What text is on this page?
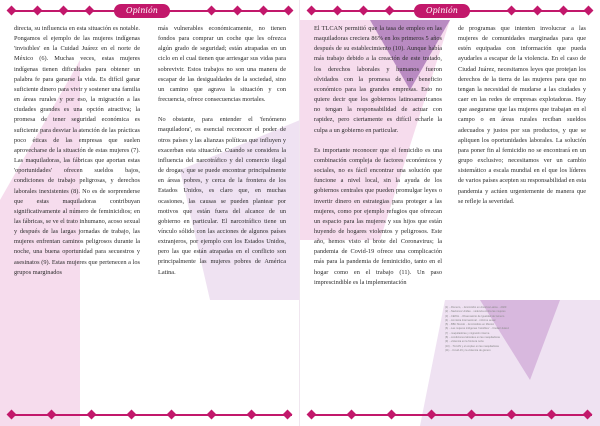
Opinión

directa, su influencia en esta situación es notable. Pongamos el ejemplo de las mujeres indígenas 'invisibles' en la Cuidad Juárez en el norte de México (6). Muchas veces, estas mujeres indígenas tienen dificultades para obtener un palabra fe para ganarse la vida. Es difícil ganar suficiente dinero para vivir y sostener una familia en áreas rurales y por eso, la migración a las ciudades grandes es una opción atractiva; la promesa de tener seguridad económica es suficiente para desviar la atención de las prácticas poco éticas de las empresas que suelen aprovecharse de la situación de estas mujeres (7). Las maquiladoras, las fábricas que aportan estas 'oportunidades' ofrecen sueldos bajos, condiciones de trabajo peligrosas, y derechos laborales inexistentes (8). No es de sorprenderse que estas maquiladoras contribuyan significativamente al número de feminicidios; en las fábricas, se ve el trato inhumano, acoso sexual y después de las largas jornadas de trabajo, las mujeres enfrentan caminos peligrosos durante la noche, una buena oportunidad para secuestros y asesinatos (9). Estas mujeres que pertenecen a los grupos marginados

más vulnerables económicamente, no tienen fondos para comprar un coche que les ofrezca algún grado de seguridad; están atrapadas en un ciclo en el cual tienen que arriesgar sus vidas para sobrevivir. Estos trabajos no son una manera de escapar de las desigualdades de la sociedad, sino un camino que agrava la situación y con frecuencia, ofrece consecuencias mortales.

No obstante, para entender el 'fenómeno maquiladora', es esencial reconocer el poder de otros países y las alianzas políticas que influyen y exacerban esta situación. Cuando se considera la influencia del narcotráfico y del comercio ilegal de drogas, que se puede encontrar principalmente en áreas pobres, y cerca de la frontera de los Estados Unidos, es claro que, en muchas ocasiones, las causas se pueden plantear por motivos que están fuera del alcance de un gobierno en particular. El narcotráfico tiene un vínculo sólido con las acciones de algunos países extranjeros, por ejemplo con los Estados Unidos, pero las que están atrapadas en el conflicto son principalmente las mujeres pobres de América Latina.

Opinión

El TLCAN permitió que la tasa de empleo en las maquiladoras creciera 86% en los primeros 5 años después de su establecimiento (10). Aunque había más trabajo debido a la creación de este tratado, los derechos laborales y humanos fueron olvidados con la promesa de un beneficio económico para las grandes empresas. Esto no quiere decir que los gobiernos latinoamericanos no tengan la responsabilidad de actuar con rapidez, pero ciertamente es difícil echarle la culpa a un gobierno en particular.

Es importante reconocer que el femicidio es una combinación compleja de factores económicos y sociales, no es fácil encontrar una solución que funcione a nivel local, sin la ayuda de los gobiernos centrales que pueden promulgar leyes o invertir dinero en estrategias para proteger a las mujeres, como por ejemplo refugios que ofrezcan un espacio para las mujeres y sus hijos que están huyendo de hogares violentos y peligrosos. Este año, hemos visto el brote del Coronavirus; la pandemia de Covid-19 ofrece una complicación más para la pandemia de feminicidio, tanto en el hogar como en el trabajo (11). Un paso imprescindible es la implementación

de programas que intenten involucrar a las mujeres de comunidades marginadas para que estén equipadas con información que pueda ayudarles a escapar de la violencia. En el caso de Ciudad Juárez, necesitamos leyes que protejan los derechos de la tierra de las mujeres para que no tengan la necesidad de mudarse a las ciudades y caer en las redes de empresas explotadoras. Hay que asegurarse que las mujeres que trabajan en el campo o en áreas rurales reciban sueldos adecuados y justos por sus productos, y que se apliquen los oportunidades laborales. La solución para poner fin al femicidio no se encontrará en un grupo exclusivo; necesitamos ver un cambio sistemático a escala mundial en el que los líderes de varios países acepten su responsabilidad en esta pandemia y actúen urgentemente de manera que se refleje la severidad.

(1) ...Romero, ...feminicidio en América Latina ...2020
(2) ...Naciones Unidas ...violencia contra las mujeres
(3) ...CEPAL ...Observatorio de Igualdad de Género
(4) ...Amnistía Internacional ...informe anual
(5) ...BBC Mundo ...feminicidios en México
(6) ...Las mujeres indígenas 'invisibles' ...Ciudad Juárez
(7) ...maquiladoras y migración interna
(8) ...condiciones laborales en las maquiladoras
(9) ...violencia en la frontera norte
(10) ...TLCAN y el empleo en las maquiladoras
(11) ...Covid-19 y la violencia de género
